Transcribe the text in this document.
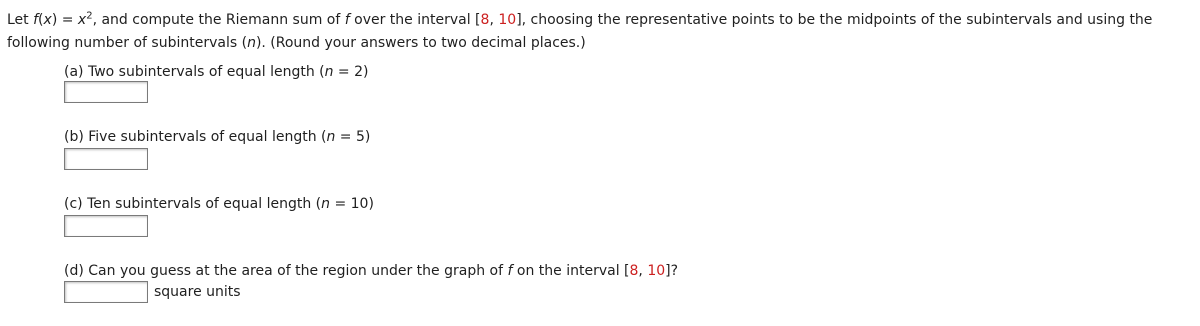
Let $f(x) = x^2$, and compute the Riemann sum of f over the interval [8, 10], choosing the representative points to be the midpoints of the subintervals and using the following number of subintervals (n). (Round your answers to two decimal places.)
(a) Two subintervals of equal length (n = 2)
(b) Five subintervals of equal length (n = 5)
(c) Ten subintervals of equal length (n = 10)
(d) Can you guess at the area of the region under the graph of f on the interval [8, 10]?
square units
